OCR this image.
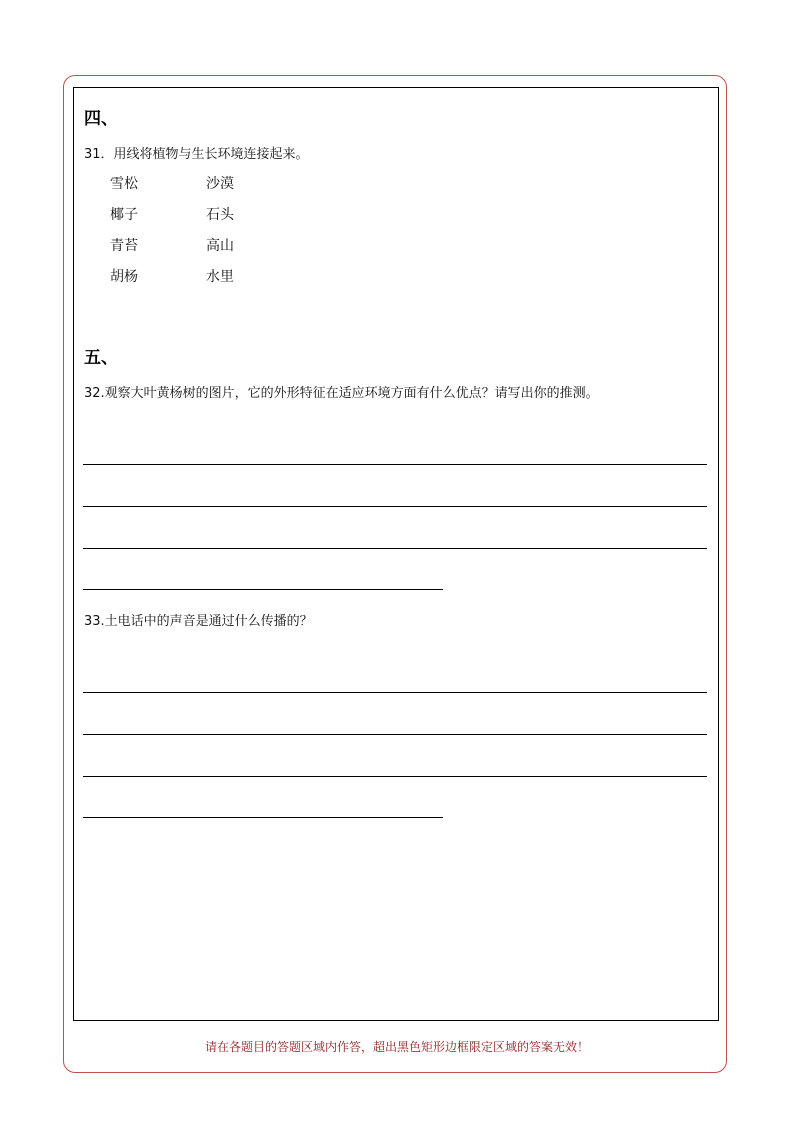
四、
31．用线将植物与生长环境连接起来。
雪松	沙漠
椰子	石头
青苔	高山
胡杨	水里
五、
32.观察大叶黄杨树的图片，它的外形特征在适应环境方面有什么优点？请写出你的推测。
33.土电话中的声音是通过什么传播的？
请在各题目的答题区域内作答，超出黑色矩形边框限定区域的答案无效！
